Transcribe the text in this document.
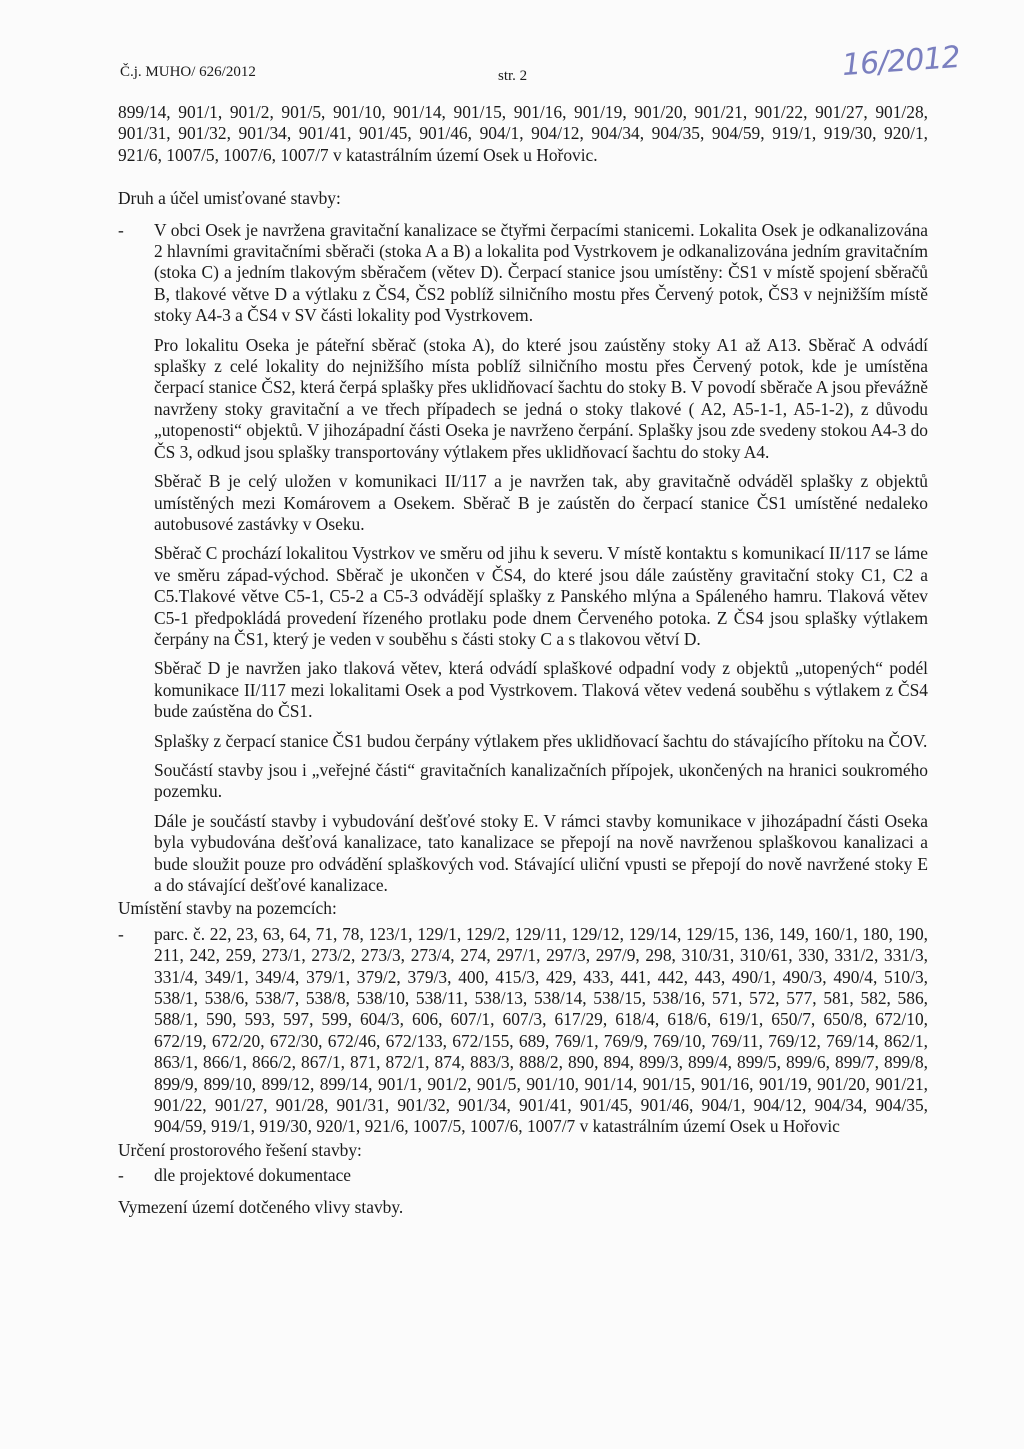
Č.j. MUHO/ 626/2012	str. 2	16/2012

899/14, 901/1, 901/2, 901/5, 901/10, 901/14, 901/15, 901/16, 901/19, 901/20, 901/21, 901/22, 901/27, 901/28, 901/31, 901/32, 901/34, 901/41, 901/45, 901/46, 904/1, 904/12, 904/34, 904/35, 904/59, 919/1, 919/30, 920/1, 921/6, 1007/5, 1007/6, 1007/7 v katastrálním území Osek u Hořovic.

Druh a účel umisťované stavby:

- V obci Osek je navržena gravitační kanalizace se čtyřmi čerpacími stanicemi. Lokalita Osek je odkanalizována 2 hlavními gravitačními sběrači (stoka A a B) a lokalita pod Vystrkovem je odkanalizována jedním gravitačním (stoka C) a jedním tlakovým sběračem (větev D). Čerpací stanice jsou umístěny: ČS1 v místě spojení sběračů B, tlakové větve D a výtlaku z ČS4, ČS2 poblíž silničního mostu přes Červený potok, ČS3 v nejnižším místě stoky A4-3 a ČS4 v SV části lokality pod Vystrkovem.

Pro lokalitu Oseka je páteřní sběrač (stoka A), do které jsou zaústěny stoky A1 až A13. Sběrač A odvádí splašky z celé lokality do nejnižšího místa poblíž silničního mostu přes Červený potok, kde je umístěna čerpací stanice ČS2, která čerpá splašky přes uklidňovací šachtu do stoky B. V povodí sběrače A jsou převážně navrženy stoky gravitační a ve třech případech se jedná o stoky tlakové ( A2, A5-1-1, A5-1-2), z důvodu „utopenosti“ objektů. V jihozápadní části Oseka je navrženo čerpání. Splašky jsou zde svedeny stokou A4-3 do ČS 3, odkud jsou splašky transportovány výtlakem přes uklidňovací šachtu do stoky A4.

Sběrač B je celý uložen v komunikaci II/117 a je navržen tak, aby gravitačně odváděl splašky z objektů umístěných mezi Komárovem a Osekem. Sběrač B je zaústěn do čerpací stanice ČS1 umístěné nedaleko autobusové zastávky v Oseku.

Sběrač C prochází lokalitou Vystrkov ve směru od jihu k severu. V místě kontaktu s komunikací II/117 se láme ve směru západ-východ. Sběrač je ukončen v ČS4, do které jsou dále zaústěny gravitační stoky C1, C2 a C5.Tlakové větve C5-1, C5-2 a C5-3 odvádějí splašky z Panského mlýna a Spáleného hamru. Tlaková větev C5-1 předpokládá provedení řízeného protlaku pode dnem Červeného potoka. Z ČS4 jsou splašky výtlakem čerpány na ČS1, který je veden v souběhu s části stoky C a s tlakovou větví D.

Sběrač D je navržen jako tlaková větev, která odvádí splaškové odpadní vody z objektů „utopených“ podél komunikace II/117 mezi lokalitami Osek a pod Vystrkovem. Tlaková větev vedená souběhu s výtlakem z ČS4 bude zaústěna do ČS1.

Splašky z čerpací stanice ČS1 budou čerpány výtlakem přes uklidňovací šachtu do stávajícího přítoku na ČOV.

Součástí stavby jsou i „veřejné části“ gravitačních kanalizačních přípojek, ukončených na hranici soukromého pozemku.

Dále je součástí stavby i vybudování dešťové stoky E. V rámci stavby komunikace v jihozápadní části Oseka byla vybudována dešťová kanalizace, tato kanalizace se přepojí na nově navrženou splaškovou kanalizaci a bude sloužit pouze pro odvádění splaškových vod. Stávající uliční vpusti se přepojí do nově navržené stoky E a do stávající dešťové kanalizace.

Umístění stavby na pozemcích:

- parc. č. 22, 23, 63, 64, 71, 78, 123/1, 129/1, 129/2, 129/11, 129/12, 129/14, 129/15, 136, 149, 160/1, 180, 190, 211, 242, 259, 273/1, 273/2, 273/3, 273/4, 274, 297/1, 297/3, 297/9, 298, 310/31, 310/61, 330, 331/2, 331/3, 331/4, 349/1, 349/4, 379/1, 379/2, 379/3, 400, 415/3, 429, 433, 441, 442, 443, 490/1, 490/3, 490/4, 510/3, 538/1, 538/6, 538/7, 538/8, 538/10, 538/11, 538/13, 538/14, 538/15, 538/16, 571, 572, 577, 581, 582, 586, 588/1, 590, 593, 597, 599, 604/3, 606, 607/1, 607/3, 617/29, 618/4, 618/6, 619/1, 650/7, 650/8, 672/10, 672/19, 672/20, 672/30, 672/46, 672/133, 672/155, 689, 769/1, 769/9, 769/10, 769/11, 769/12, 769/14, 862/1, 863/1, 866/1, 866/2, 867/1, 871, 872/1, 874, 883/3, 888/2, 890, 894, 899/3, 899/4, 899/5, 899/6, 899/7, 899/8, 899/9, 899/10, 899/12, 899/14, 901/1, 901/2, 901/5, 901/10, 901/14, 901/15, 901/16, 901/19, 901/20, 901/21, 901/22, 901/27, 901/28, 901/31, 901/32, 901/34, 901/41, 901/45, 901/46, 904/1, 904/12, 904/34, 904/35, 904/59, 919/1, 919/30, 920/1, 921/6, 1007/5, 1007/6, 1007/7 v katastrálním území Osek u Hořovic

Určení prostorového řešení stavby:

- dle projektové dokumentace

Vymezení území dotčeného vlivy stavby.
